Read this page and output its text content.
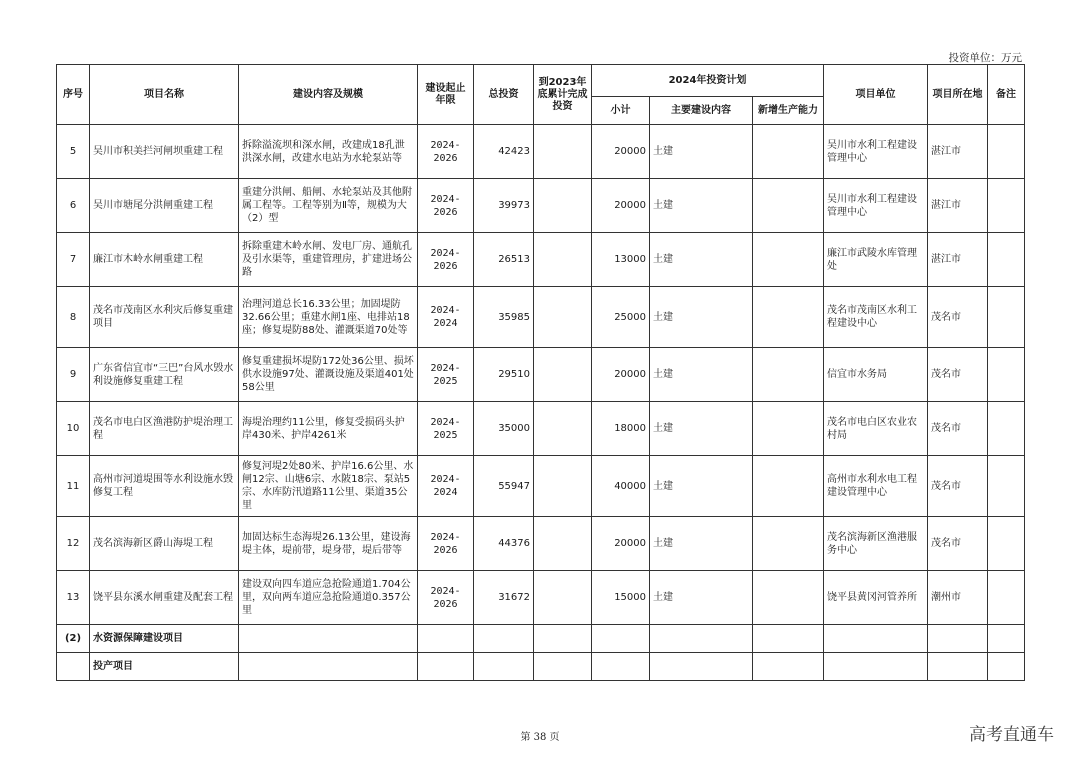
投资单位：万元
序号	项目名称	建设内容及规模	建设起止年限	总投资	到2023年底累计完成投资	2024年投资计划			项目单位	项目所在地	备注
						小计	主要建设内容	新增生产能力			
5	吴川市积美拦河闸坝重建工程	拆除溢流坝和深水闸，改建成18孔泄洪深水闸，改建水电站为水轮泵站等	2024-2026	42423		20000	土建		吴川市水利工程建设管理中心	湛江市	
6	吴川市塘尾分洪闸重建工程	重建分洪闸、船闸、水轮泵站及其他附属工程等。工程等别为Ⅱ等，规模为大（2）型	2024-2026	39973		20000	土建		吴川市水利工程建设管理中心	湛江市	
7	廉江市木岭水闸重建工程	拆除重建木岭水闸、发电厂房、通航孔及引水渠等，重建管理房，扩建进场公路	2024-2026	26513		13000	土建		廉江市武陵水库管理处	湛江市	
8	茂名市茂南区水利灾后修复重建项目	治理河道总长16.33公里；加固堤防32.66公里；重建水闸1座、电排站18座；修复堤防88处、灌溉渠道70处等	2024-2024	35985		25000	土建		茂名市茂南区水利工程建设中心	茂名市	
9	广东省信宜市“三巴”台风水毁水利设施修复重建工程	修复重建损坏堤防172处36公里、损坏供水设施97处、灌溉设施及渠道401处58公里	2024-2025	29510		20000	土建		信宜市水务局	茂名市	
10	茂名市电白区渔港防护堤治理工程	海堤治理约11公里，修复受损码头护岸430米、护岸4261米	2024-2025	35000		18000	土建		茂名市电白区农业农村局	茂名市	
11	高州市河道堤围等水利设施水毁修复工程	修复河堤2处80米、护岸16.6公里、水闸12宗、山塘6宗、水陂18宗、泵站5宗、水库防汛道路11公里、渠道35公里	2024-2024	55947		40000	土建		高州市水利水电工程建设管理中心	茂名市	
12	茂名滨海新区爵山海堤工程	加固达标生态海堤26.13公里，建设海堤主体，堤前带，堤身带，堤后带等	2024-2026	44376		20000	土建		茂名滨海新区渔港服务中心	茂名市	
13	饶平县东溪水闸重建及配套工程	建设双向四车道应急抢险通道1.704公里，双向两车道应急抢险通道0.357公里	2024-2026	31672		15000	土建		饶平县黄冈河管养所	潮州市	
(2)	水资源保障建设项目										
	投产项目										
第 38 页	高考直通车
